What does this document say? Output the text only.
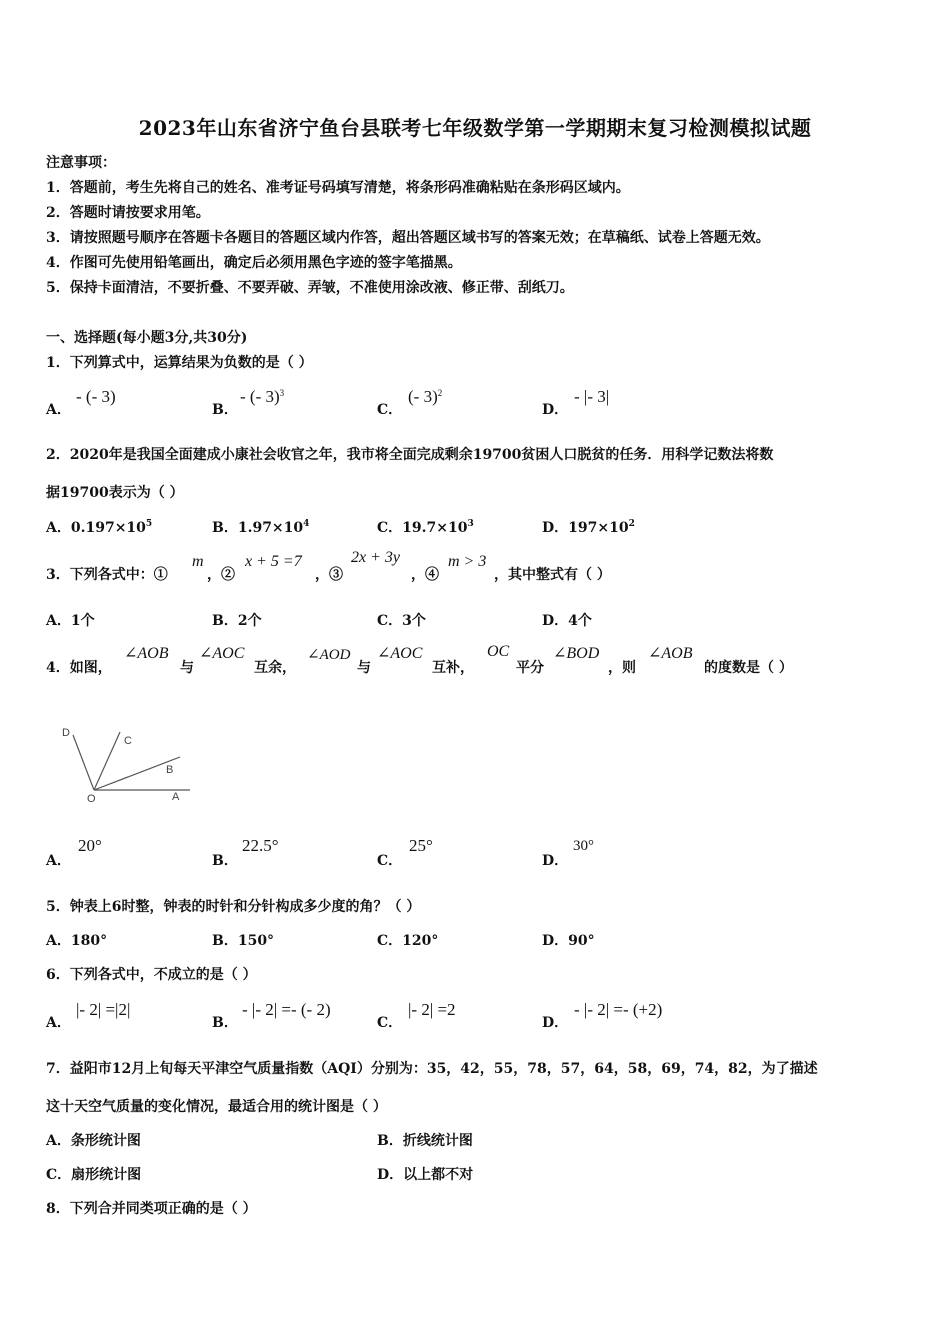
2023年山东省济宁鱼台县联考七年级数学第一学期期末复习检测模拟试题
注意事项：
1．答题前，考生先将自己的姓名、准考证号码填写清楚，将条形码准确粘贴在条形码区域内。
2．答题时请按要求用笔。
3．请按照题号顺序在答题卡各题目的答题区域内作答，超出答题区域书写的答案无效；在草稿纸、试卷上答题无效。
4．作图可先使用铅笔画出，确定后必须用黑色字迹的签字笔描黑。
5．保持卡面清洁，不要折叠、不要弄破、弄皱，不准使用涂改液、修正带、刮纸刀。
一、选择题(每小题3分,共30分)
1．下列算式中，运算结果为负数的是（ ）
A．
- (- 3)
B．
- (- 3)$^3$
C．
(- 3)$^2$
D．
- |- 3|
2．2020年是我国全面建成小康社会收官之年，我市将全面完成剩余19700贫困人口脱贫的任务．用科学记数法将数
据19700表示为（ ）
A．$0.197\times 10^5$	B．$1.97\times 10^4$	C．$19.7\times 10^3$	D．$197\times 10^2$
3．下列各式中：①
m
，②
x + 5 =7
，③
2x + 3y
，④
m > 3
，其中整式有（ ）
A．1个	B．2个	C．3个	D．4个
4．如图，
∠AOB
与
∠AOC
互余，
∠AOD
与
∠AOC
互补，
OC
平分
∠BOD
，则
∠AOB
的度数是（ ）
D
C
B
O	A
A．
20°
B．
22.5°
C．
25°
D．
30°
5．钟表上6时整，钟表的时针和分针构成多少度的角？（ ）
A．180°	B．150°	C．120°	D．90°
6．下列各式中，不成立的是（ ）
A．
|- 2| =|2|
B．
- |- 2| =- (- 2)
C．
|- 2| =2
D．
- |- 2| =- (+2)
7．益阳市12月上旬每天平津空气质量指数（AQI）分别为：35，42，55，78，57，64，58，69，74，82，为了描述
这十天空气质量的变化情况，最适合用的统计图是（ ）
A．条形统计图	B．折线统计图
C．扇形统计图	D．以上都不对
8．下列合并同类项正确的是（ ）
